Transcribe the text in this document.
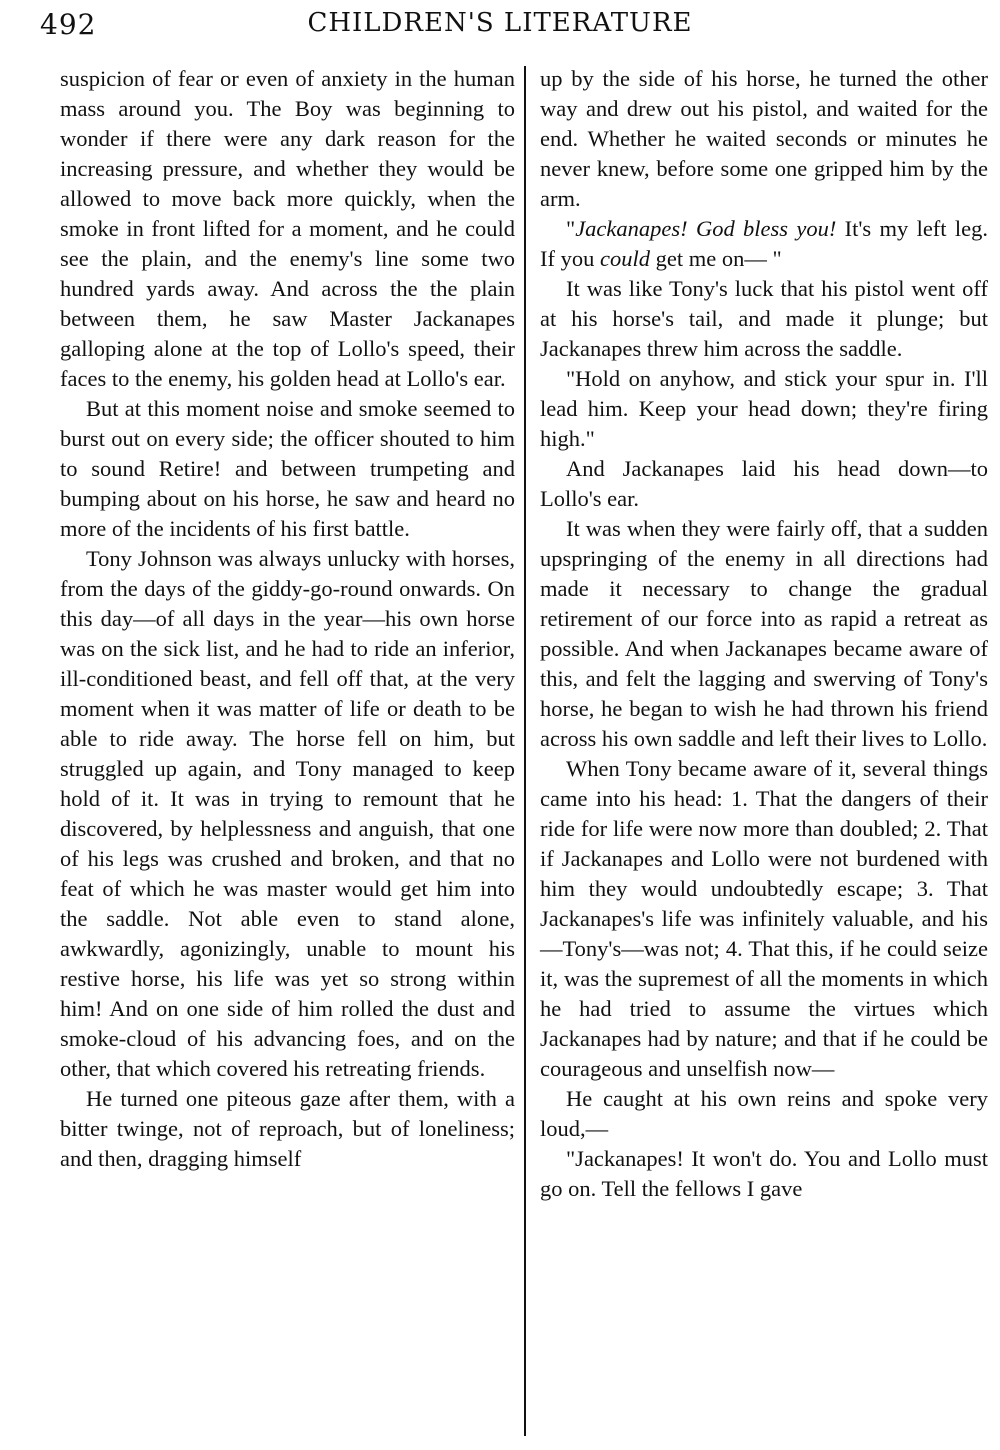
492	CHILDREN'S LITERATURE

suspicion of fear or even of anxiety in the human mass around you. The Boy was beginning to wonder if there were any dark reason for the increasing pressure, and whether they would be allowed to move back more quickly, when the smoke in front lifted for a moment, and he could see the plain, and the enemy's line some two hundred yards away. And across the the plain between them, he saw Master Jackanapes galloping alone at the top of Lollo's speed, their faces to the enemy, his golden head at Lollo's ear.

But at this moment noise and smoke seemed to burst out on every side; the officer shouted to him to sound Retire! and between trumpeting and bumping about on his horse, he saw and heard no more of the incidents of his first battle.

Tony Johnson was always unlucky with horses, from the days of the giddy-go-round onwards. On this day—of all days in the year—his own horse was on the sick list, and he had to ride an inferior, ill-conditioned beast, and fell off that, at the very moment when it was matter of life or death to be able to ride away. The horse fell on him, but struggled up again, and Tony managed to keep hold of it. It was in trying to remount that he discovered, by helplessness and anguish, that one of his legs was crushed and broken, and that no feat of which he was master would get him into the saddle. Not able even to stand alone, awkwardly, agonizingly, unable to mount his restive horse, his life was yet so strong within him! And on one side of him rolled the dust and smoke-cloud of his advancing foes, and on the other, that which covered his retreating friends.

He turned one piteous gaze after them, with a bitter twinge, not of reproach, but of loneliness; and then, dragging himself

up by the side of his horse, he turned the other way and drew out his pistol, and waited for the end. Whether he waited seconds or minutes he never knew, before some one gripped him by the arm.

"Jackanapes! God bless you! It's my left leg. If you could get me on— "

It was like Tony's luck that his pistol went off at his horse's tail, and made it plunge; but Jackanapes threw him across the saddle.

"Hold on anyhow, and stick your spur in. I'll lead him. Keep your head down; they're firing high."

And Jackanapes laid his head down—to Lollo's ear.

It was when they were fairly off, that a sudden upspringing of the enemy in all directions had made it necessary to change the gradual retirement of our force into as rapid a retreat as possible. And when Jackanapes became aware of this, and felt the lagging and swerving of Tony's horse, he began to wish he had thrown his friend across his own saddle and left their lives to Lollo.

When Tony became aware of it, several things came into his head: 1. That the dangers of their ride for life were now more than doubled; 2. That if Jackanapes and Lollo were not burdened with him they would undoubtedly escape; 3. That Jackanapes's life was infinitely valuable, and his—Tony's—was not; 4. That this, if he could seize it, was the supremest of all the moments in which he had tried to assume the virtues which Jackanapes had by nature; and that if he could be courageous and unselfish now—

He caught at his own reins and spoke very loud,—

"Jackanapes! It won't do. You and Lollo must go on. Tell the fellows I gave
